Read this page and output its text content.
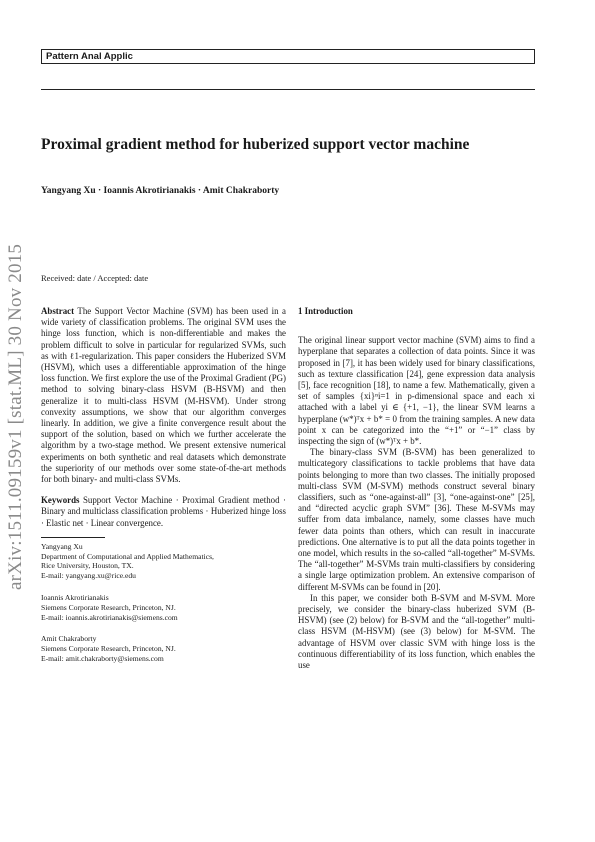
Pattern Anal Applic
Proximal gradient method for huberized support vector machine
Yangyang Xu · Ioannis Akrotirianakis · Amit Chakraborty
Received: date / Accepted: date
arXiv:1511.09159v1 [stat.ML] 30 Nov 2015 Abstract The Support Vector Machine (SVM) has been used in a wide variety of classification problems. The original SVM uses the hinge loss function, which is non-differentiable and makes the problem difficult to solve in particular for regularized SVMs, such as with ℓ1-regularization. This paper considers the Huberized SVM (HSVM), which uses a differentiable approximation of the hinge loss function. We first explore the use of the Proximal Gradient (PG) method to solving binary-class HSVM (B-HSVM) and then generalize it to multi-class HSVM (M-HSVM). Under strong convexity assumptions, we show that our algorithm converges linearly. In addition, we give a finite convergence result about the support of the solution, based on which we further accelerate the algorithm by a two-stage method. We present extensive numerical experiments on both synthetic and real datasets which demonstrate the superiority of our methods over some state-of-the-art methods for both binary- and multi-class SVMs.

Keywords Support Vector Machine · Proximal Gradient method · Binary and multiclass classification problems · Huberized hinge loss · Elastic net · Linear convergence.

Yangyang Xu
Department of Computational and Applied Mathematics,
Rice University, Houston, TX.
E-mail: yangyang.xu@rice.edu
Ioannis Akrotirianakis
Siemens Corporate Research, Princeton, NJ.
E-mail: ioannis.akrotirianakis@siemens.com
Amit Chakraborty
Siemens Corporate Research, Princeton, NJ.
E-mail: amit.chakraborty@siemens.com
1 Introduction

The original linear support vector machine (SVM) aims to find a hyperplane that separates a collection of data points. Since it was proposed in [7], it has been widely used for binary classifications, such as texture classification [24], gene expression data analysis [5], face recognition [18], to name a few. Mathematically, given a set of samples {xi}ⁿi=1 in p-dimensional space and each xi attached with a label yi ∈ {+1, −1}, the linear SVM learns a hyperplane (w*)ᵀx + b* = 0 from the training samples. A new data point x can be categorized into the “+1” or “−1” class by inspecting the sign of (w*)ᵀx + b*.

The binary-class SVM (B-SVM) has been generalized to multicategory classifications to tackle problems that have data points belonging to more than two classes. The initially proposed multi-class SVM (M-SVM) methods construct several binary classifiers, such as “one-against-all” [3], “one-against-one” [25], and “directed acyclic graph SVM” [36]. These M-SVMs may suffer from data imbalance, namely, some classes have much fewer data points than others, which can result in inaccurate predictions. One alternative is to put all the data points together in one model, which results in the so-called “all-together” M-SVMs. The “all-together” M-SVMs train multi-classifiers by considering a single large optimization problem. An extensive comparison of different M-SVMs can be found in [20].

In this paper, we consider both B-SVM and M-SVM. More precisely, we consider the binary-class huberized SVM (B-HSVM) (see (2) below) for B-SVM and the “all-together” multi-class HSVM (M-HSVM) (see (3) below) for M-SVM. The advantage of HSVM over classic SVM with hinge loss is the continuous differentiability of its loss function, which enables the use
